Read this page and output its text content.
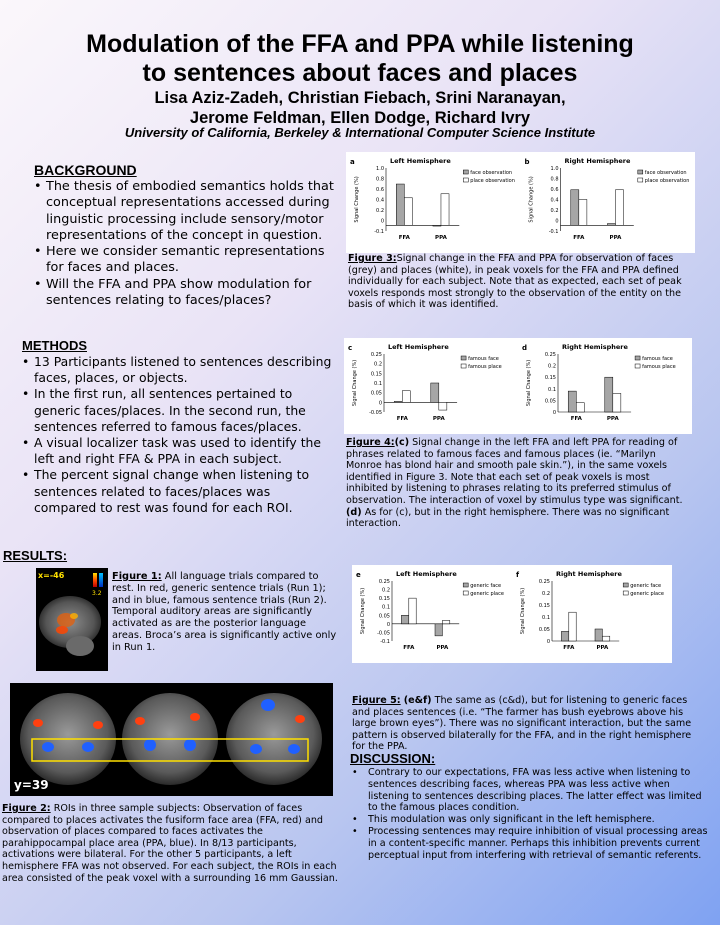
Modulation of the FFA and PPA while listening
to sentences about faces and places
Lisa Aziz-Zadeh, Christian Fiebach, Srini Naranayan,
Jerome Feldman, Ellen Dodge, Richard Ivry
University of California, Berkeley & International Computer Science Institute
BACKGROUND
• The thesis of embodied semantics holds that conceptual representations accessed during linguistic processing include sensory/motor representations of the concept in question.
• Here we consider semantic representations for faces and places.
• Will the FFA and PPA show modulation for sentences relating to faces/places?
METHODS
• 13 Participants listened to sentences describing faces, places, or objects.
• In the first run, all sentences pertained to generic faces/places. In the second run, the sentences referred to famous faces/places.
• A visual localizer task was used to identify the left and right FFA & PPA in each subject.
• The percent signal change when listening to sentences related to faces/places was compared to rest was found for each ROI.
RESULTS:
x=-46
3.2
Figure 1: All language trials compared to rest. In red, generic sentence trials (Run 1); and in blue, famous sentence trials (Run 2). Temporal auditory areas are significantly activated as are the posterior language areas. Broca’s area is significantly active only in Run 1.
y=39
Figure 2: ROIs in three sample subjects: Observation of faces compared to places activates the fusiform face area (FFA, red) and observation of places compared to faces activates the parahippocampal place area (PPA, blue). In 8/13 participants, activations were bilateral. For the other 5 participants, a left hemisphere FFA was not observed. For each subject, the ROIs in each area consisted of the peak voxel with a surrounding 16 mm Gaussian.
a	Left Hemisphere
Signal Change (%)
-0.1
0
0.2
0.4
0.6
0.8
1.0
FFA	PPA
face observation
place observation
b	Right Hemisphere
Signal Change (%)
-0.1
0
0.2
0.4
0.6
0.8
1.0
FFA	PPA
face observation
place observation
Figure 3:Signal change in the FFA and PPA for observation of faces (grey) and places (white), in peak voxels for the FFA and PPA defined individually for each subject. Note that as expected, each set of peak voxels responds most strongly to the observation of the entity on the basis of which it was identified.
c	Left Hemisphere
Signal Change (%)
-0.05
0
0.05
0.1
0.15
0.2
0.25
FFA	PPA
famous face
famous place
d	Right Hemisphere
Signal Change (%)
0
0.05
0.1
0.15
0.2
0.25
FFA	PPA
famous face
famous place
Figure 4:(c) Signal change in the left FFA and left PPA for reading of phrases related to famous faces and famous places (ie. “Marilyn Monroe has blond hair and smooth pale skin.”), in the same voxels identified in Figure 3. Note that each set of peak voxels is most inhibited by listening to phrases relating to its preferred stimulus of observation. The interaction of voxel by stimulus type was significant. (d) As for (c), but in the right hemisphere. There was no significant interaction.
e	Left Hemisphere
Signal Change (%)
-0.1
-0.05
0
0.05
0.1
0.15
0.2
0.25
FFA	PPA
generic face
generic place
f	Right Hemisphere
Signal Change (%)
0
0.05
0.1
0.15
0.2
0.25
FFA	PPA
generic face
generic place
Figure 5: (e&f) The same as (c&d), but for listening to generic faces and places sentences (i.e. “The farmer has bush eyebrows above his large brown eyes”). There was no significant interaction, but the same pattern is observed bilaterally for the FFA, and in the right hemisphere for the PPA.
DISCUSSION:
• Contrary to our expectations, FFA was less active when listening to sentences describing faces, whereas PPA was less active when listening to sentences describing places. The latter effect was limited to the famous places condition.
• This modulation was only significant in the left hemisphere.
• Processing sentences may require inhibition of visual processing areas in a content-specific manner. Perhaps this inhibition prevents current perceptual input from interfering with retrieval of semantic referents.
